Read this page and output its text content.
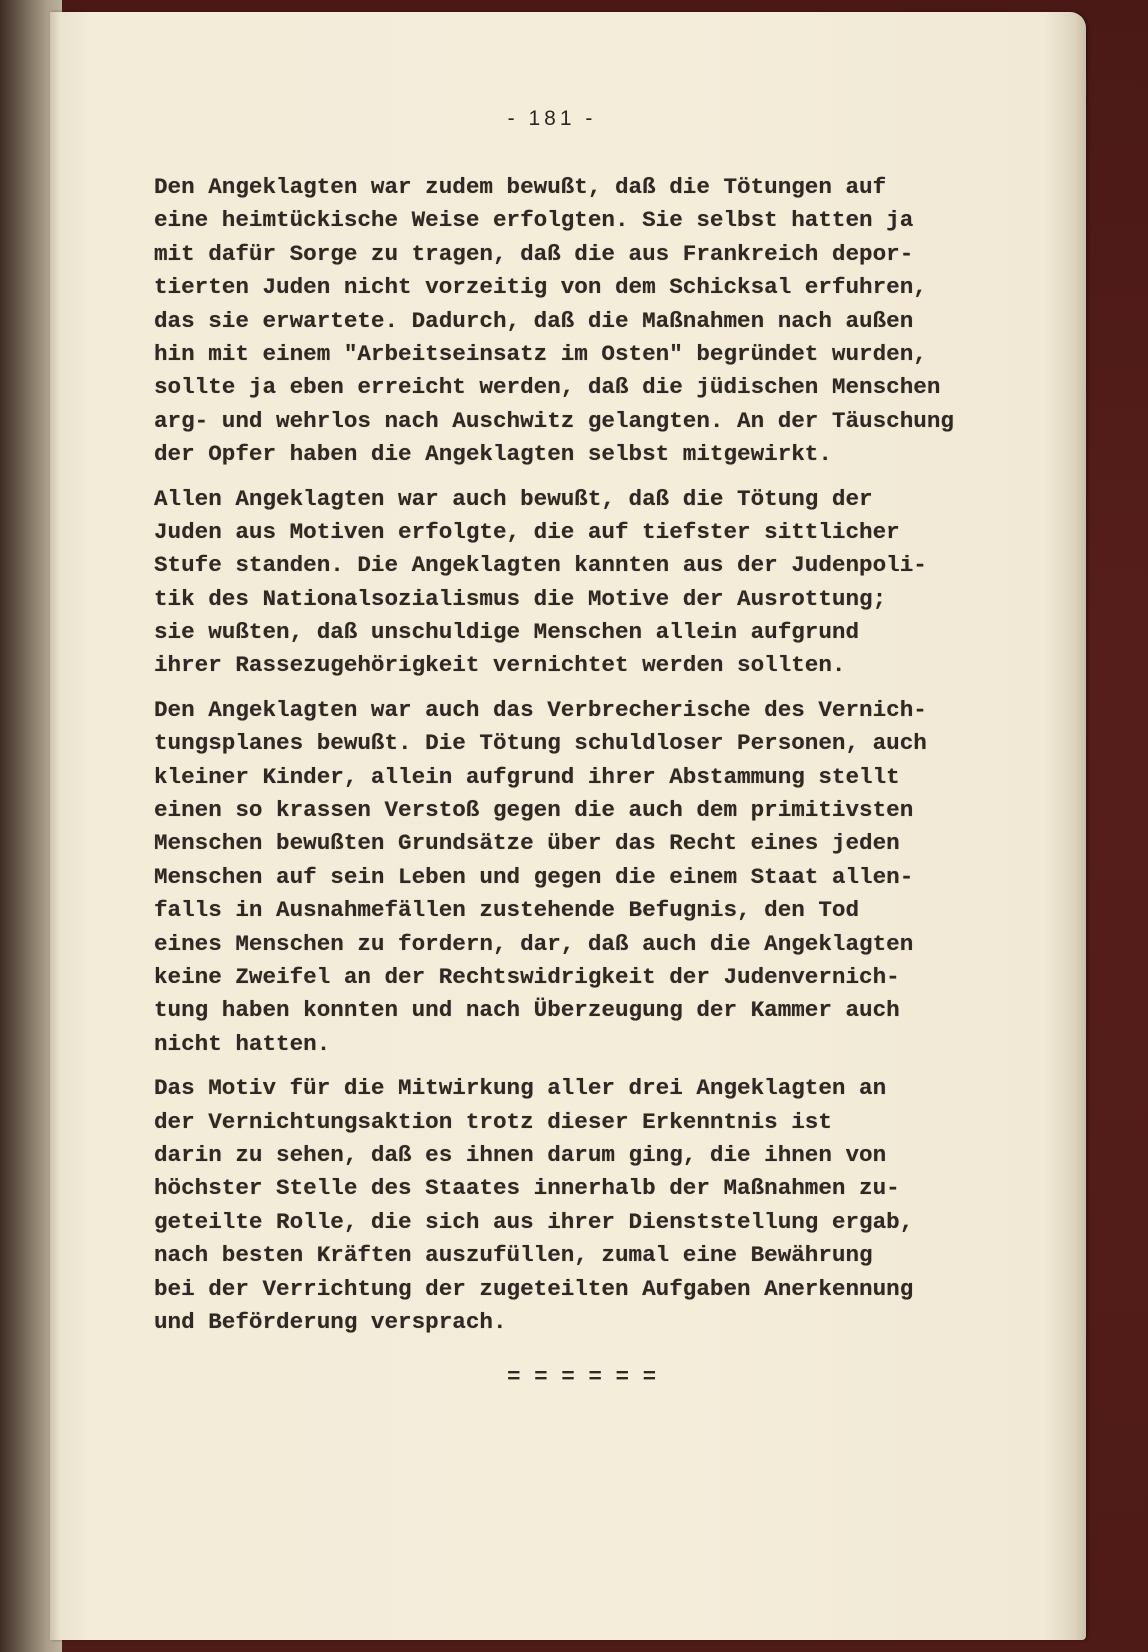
- 181 -
Den Angeklagten war zudem bewußt, daß die Tötungen auf
eine heimtückische Weise erfolgten. Sie selbst hatten ja
mit dafür Sorge zu tragen, daß die aus Frankreich depor-
tierten Juden nicht vorzeitig von dem Schicksal erfuhren,
das sie erwartete. Dadurch, daß die Maßnahmen nach außen
hin mit einem "Arbeitseinsatz im Osten" begründet wurden,
sollte ja eben erreicht werden, daß die jüdischen Menschen
arg- und wehrlos nach Auschwitz gelangten. An der Täuschung
der Opfer haben die Angeklagten selbst mitgewirkt.
Allen Angeklagten war auch bewußt, daß die Tötung der
Juden aus Motiven erfolgte, die auf tiefster sittlicher
Stufe standen. Die Angeklagten kannten aus der Judenpoli-
tik des Nationalsozialismus die Motive der Ausrottung;
sie wußten, daß unschuldige Menschen allein aufgrund
ihrer Rassezugehörigkeit vernichtet werden sollten.
Den Angeklagten war auch das Verbrecherische des Vernich-
tungsplanes bewußt. Die Tötung schuldloser Personen, auch
kleiner Kinder, allein aufgrund ihrer Abstammung stellt
einen so krassen Verstoß gegen die auch dem primitivsten
Menschen bewußten Grundsätze über das Recht eines jeden
Menschen auf sein Leben und gegen die einem Staat allen-
falls in Ausnahmefällen zustehende Befugnis, den Tod
eines Menschen zu fordern, dar, daß auch die Angeklagten
keine Zweifel an der Rechtswidrigkeit der Judenvernich-
tung haben konnten und nach Überzeugung der Kammer auch
nicht hatten.
Das Motiv für die Mitwirkung aller drei Angeklagten an
der Vernichtungsaktion trotz dieser Erkenntnis ist
darin zu sehen, daß es ihnen darum ging, die ihnen von
höchster Stelle des Staates innerhalb der Maßnahmen zu-
geteilte Rolle, die sich aus ihrer Dienststellung ergab,
nach besten Kräften auszufüllen, zumal eine Bewährung
bei der Verrichtung der zugeteilten Aufgaben Anerkennung
und Beförderung versprach.
= = = = = =
